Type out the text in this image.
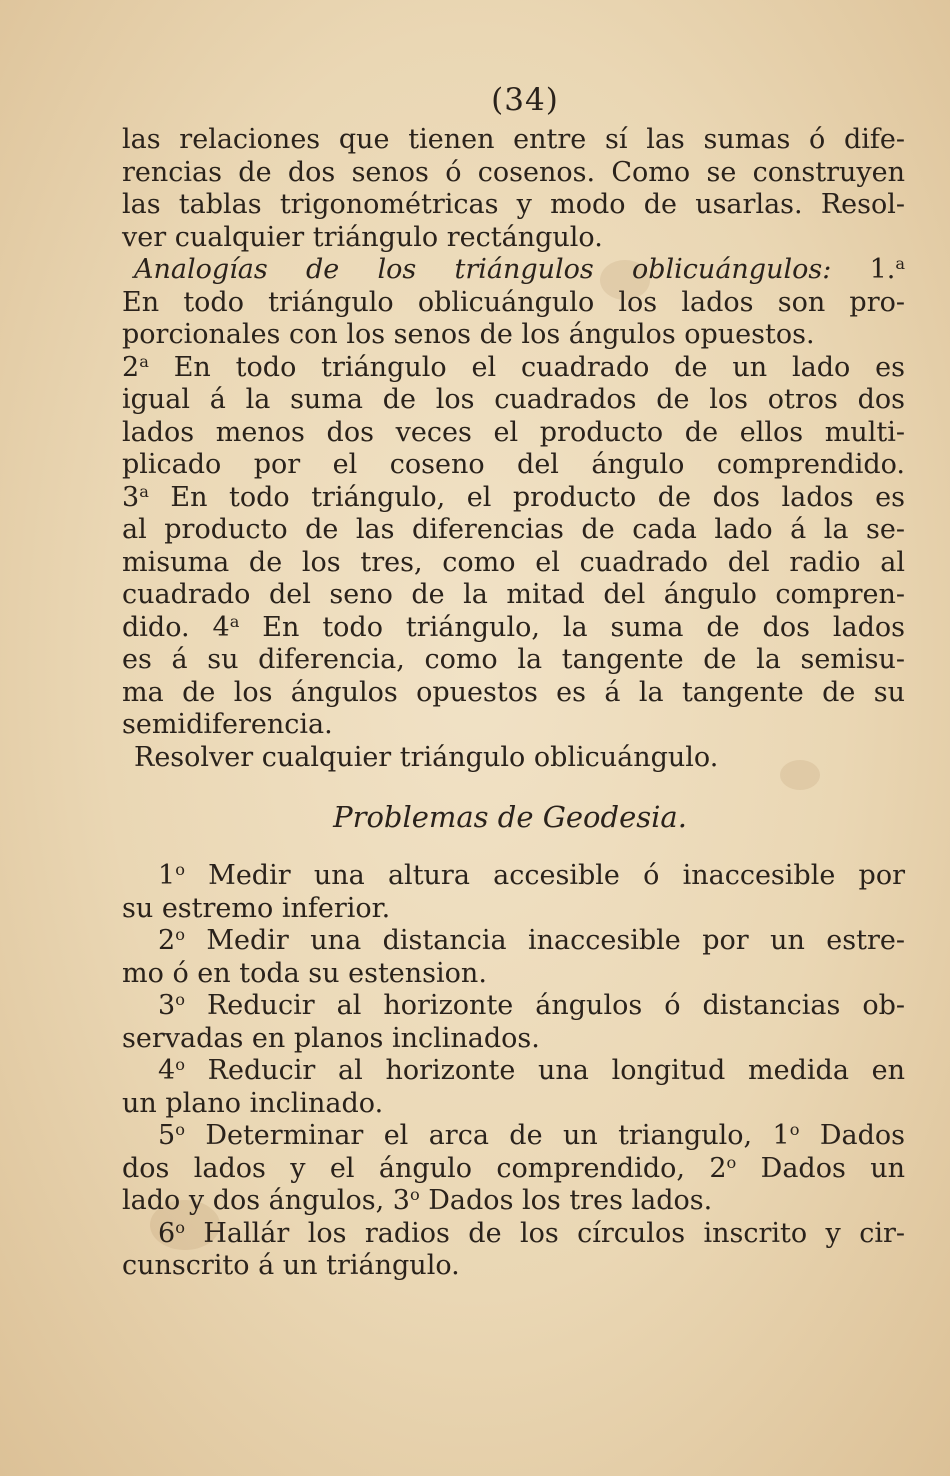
(34)
las relaciones que tienen entre sí las sumas ó dife-
rencias de dos senos ó cosenos. Como se construyen
las tablas trigonométricas y modo de usarlas. Resol-
ver cualquier triángulo rectángulo.
Analogías de los triángulos oblicuángulos: 1.$^a$
En todo triángulo oblicuángulo los lados son pro-
porcionales con los senos de los ángulos opuestos.
2$^a$ En todo triángulo el cuadrado de un lado es
igual á la suma de los cuadrados de los otros dos
lados menos dos veces el producto de ellos multi-
plicado por el coseno del ángulo comprendido.
3$^a$ En todo triángulo, el producto de dos lados es
al producto de las diferencias de cada lado á la se-
misuma de los tres, como el cuadrado del radio al
cuadrado del seno de la mitad del ángulo compren-
dido. 4$^a$ En todo triángulo, la suma de dos lados
es á su diferencia, como la tangente de la semisu-
ma de los ángulos opuestos es á la tangente de su
semidiferencia.
Resolver cualquier triángulo oblicuángulo.
Problemas de Geodesia.
1$^o$ Medir una altura accesible ó inaccesible por
su estremo inferior.
2$^o$ Medir una distancia inaccesible por un estre-
mo ó en toda su estension.
3$^o$ Reducir al horizonte ángulos ó distancias ob-
servadas en planos inclinados.
4$^o$ Reducir al horizonte una longitud medida en
un plano inclinado.
5$^o$ Determinar el arca de un triangulo, 1$^o$ Dados
dos lados y el ángulo comprendido, 2$^o$ Dados un
lado y dos ángulos, 3$^o$ Dados los tres lados.
6$^o$ Hallár los radios de los círculos inscrito y cir-
cunscrito á un triángulo.
